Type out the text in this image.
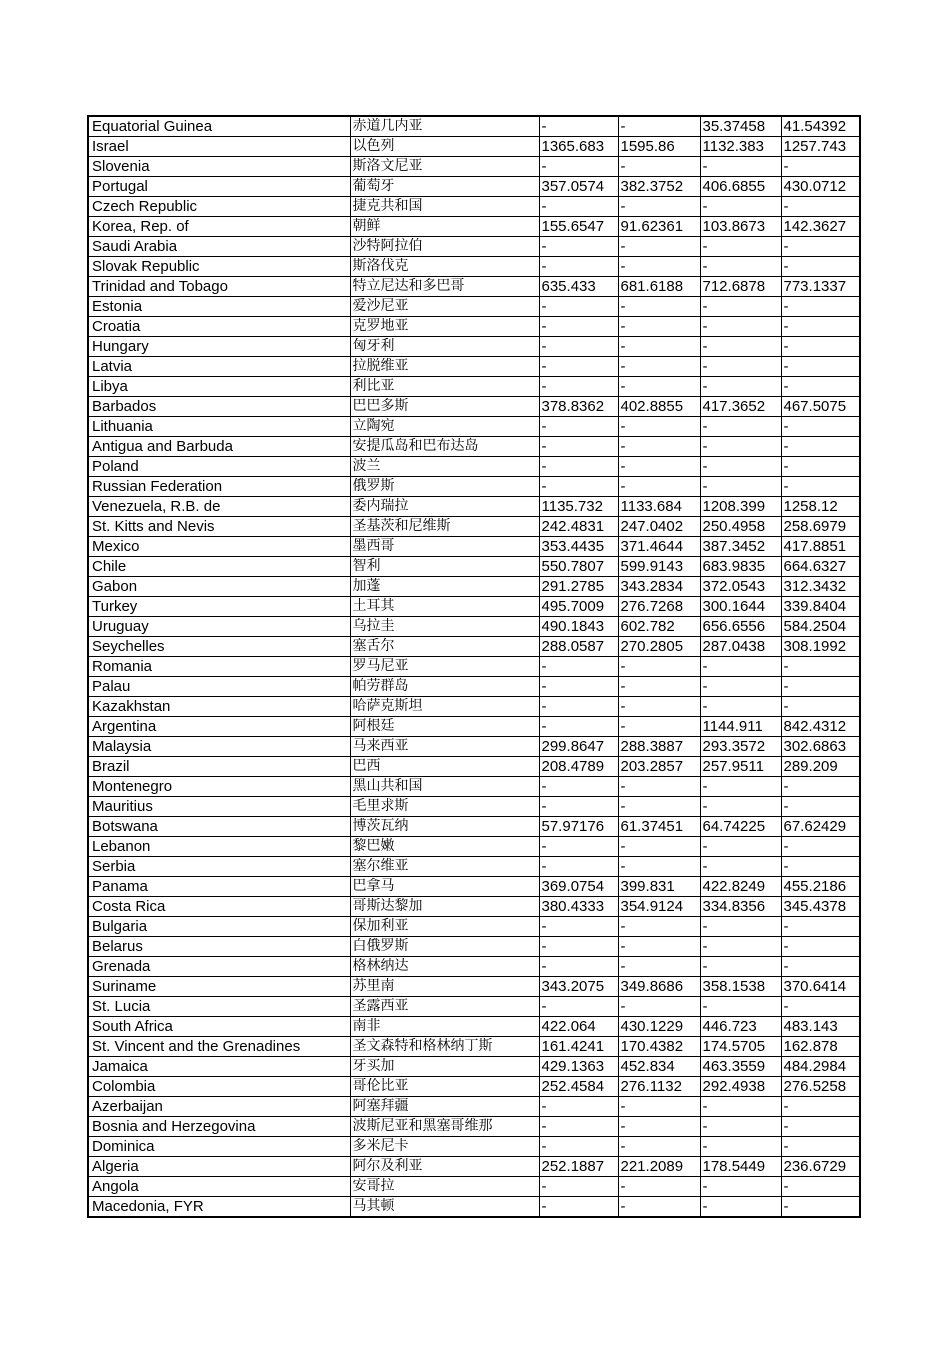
Equatorial Guinea	赤道几内亚	-	-	35.37458	41.54392
Israel	以色列	1365.683	1595.86	1132.383	1257.743
Slovenia	斯洛文尼亚	-	-	-	-
Portugal	葡萄牙	357.0574	382.3752	406.6855	430.0712
Czech Republic	捷克共和国	-	-	-	-
Korea, Rep. of	朝鲜	155.6547	91.62361	103.8673	142.3627
Saudi Arabia	沙特阿拉伯	-	-	-	-
Slovak Republic	斯洛伐克	-	-	-	-
Trinidad and Tobago	特立尼达和多巴哥	635.433	681.6188	712.6878	773.1337
Estonia	爱沙尼亚	-	-	-	-
Croatia	克罗地亚	-	-	-	-
Hungary	匈牙利	-	-	-	-
Latvia	拉脱维亚	-	-	-	-
Libya	利比亚	-	-	-	-
Barbados	巴巴多斯	378.8362	402.8855	417.3652	467.5075
Lithuania	立陶宛	-	-	-	-
Antigua and Barbuda	安提瓜岛和巴布达岛	-	-	-	-
Poland	波兰	-	-	-	-
Russian Federation	俄罗斯	-	-	-	-
Venezuela, R.B. de	委内瑞拉	1135.732	1133.684	1208.399	1258.12
St. Kitts and Nevis	圣基茨和尼维斯	242.4831	247.0402	250.4958	258.6979
Mexico	墨西哥	353.4435	371.4644	387.3452	417.8851
Chile	智利	550.7807	599.9143	683.9835	664.6327
Gabon	加蓬	291.2785	343.2834	372.0543	312.3432
Turkey	土耳其	495.7009	276.7268	300.1644	339.8404
Uruguay	乌拉圭	490.1843	602.782	656.6556	584.2504
Seychelles	塞舌尔	288.0587	270.2805	287.0438	308.1992
Romania	罗马尼亚	-	-	-	-
Palau	帕劳群岛	-	-	-	-
Kazakhstan	哈萨克斯坦	-	-	-	-
Argentina	阿根廷	-	-	1144.911	842.4312
Malaysia	马来西亚	299.8647	288.3887	293.3572	302.6863
Brazil	巴西	208.4789	203.2857	257.9511	289.209
Montenegro	黑山共和国	-	-	-	-
Mauritius	毛里求斯	-	-	-	-
Botswana	博茨瓦纳	57.97176	61.37451	64.74225	67.62429
Lebanon	黎巴嫩	-	-	-	-
Serbia	塞尔维亚	-	-	-	-
Panama	巴拿马	369.0754	399.831	422.8249	455.2186
Costa Rica	哥斯达黎加	380.4333	354.9124	334.8356	345.4378
Bulgaria	保加利亚	-	-	-	-
Belarus	白俄罗斯	-	-	-	-
Grenada	格林纳达	-	-	-	-
Suriname	苏里南	343.2075	349.8686	358.1538	370.6414
St. Lucia	圣露西亚	-	-	-	-
South Africa	南非	422.064	430.1229	446.723	483.143
St. Vincent and the Grenadines	圣文森特和格林纳丁斯	161.4241	170.4382	174.5705	162.878
Jamaica	牙买加	429.1363	452.834	463.3559	484.2984
Colombia	哥伦比亚	252.4584	276.1132	292.4938	276.5258
Azerbaijan	阿塞拜疆	-	-	-	-
Bosnia and Herzegovina	波斯尼亚和黑塞哥维那	-	-	-	-
Dominica	多米尼卡	-	-	-	-
Algeria	阿尔及利亚	252.1887	221.2089	178.5449	236.6729
Angola	安哥拉	-	-	-	-
Macedonia, FYR	马其顿	-	-	-	-
